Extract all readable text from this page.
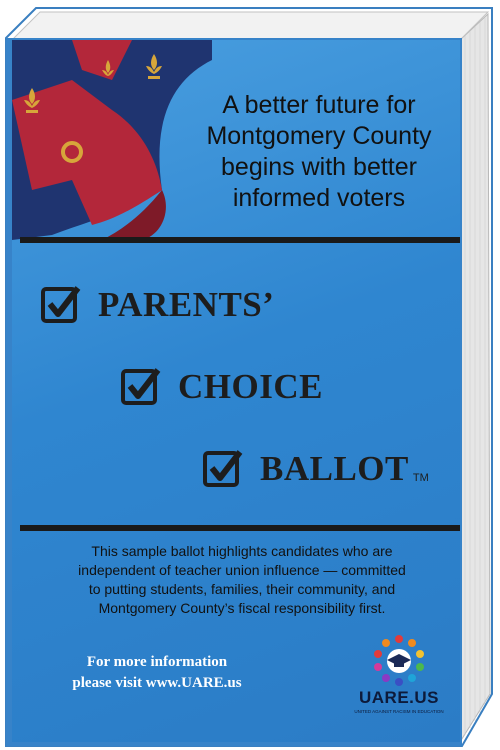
A better future for
Montgomery County
begins with better
informed voters
PARENTS’
CHOICE
BALLOT TM
This sample ballot highlights candidates who are
independent of teacher union influence — committed
to putting students, families, their community, and
Montgomery County’s fiscal responsibility first.
For more information
please visit www.UARE.us
UARE.US
UNITED AGAINST RACISM IN EDUCATION
